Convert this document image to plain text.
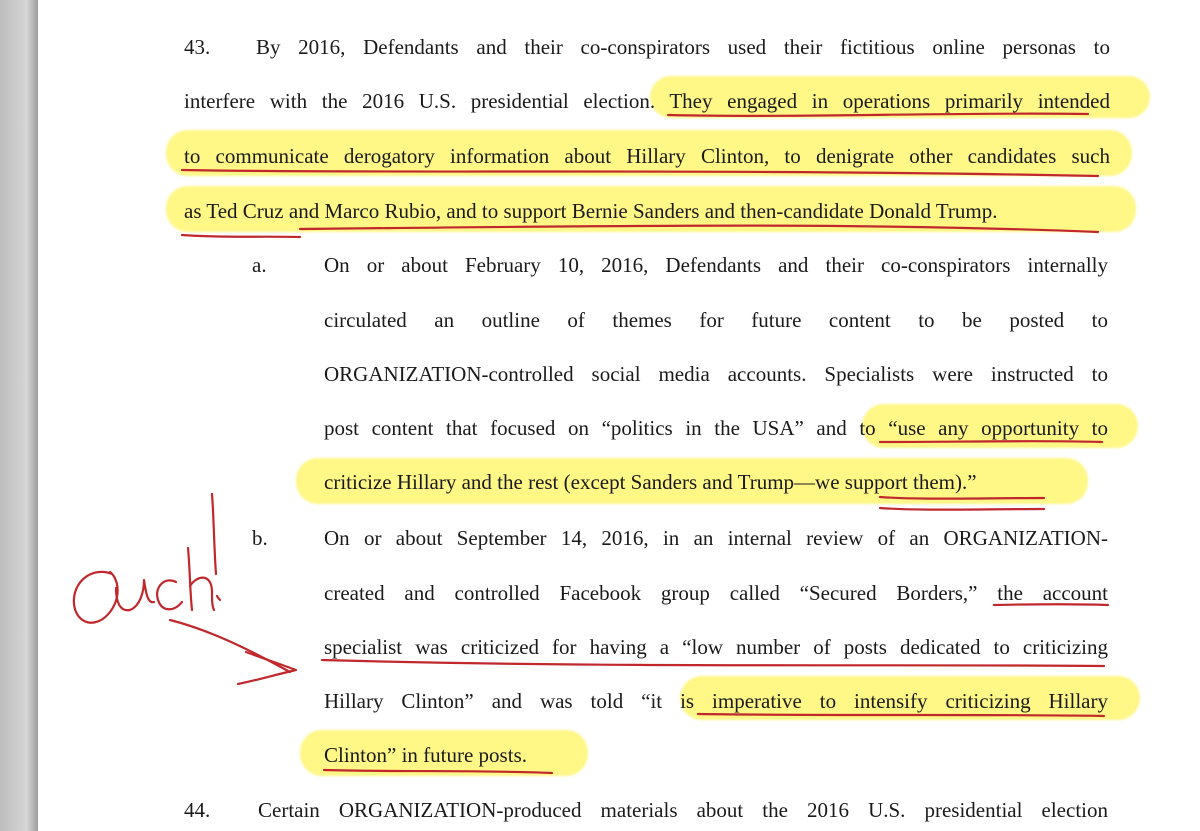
43. By 2016, Defendants and their co-conspirators used their fictitious online personas to
interfere with the 2016 U.S. presidential election. They engaged in operations primarily intended
to communicate derogatory information about Hillary Clinton, to denigrate other candidates such
as Ted Cruz and Marco Rubio, and to support Bernie Sanders and then-candidate Donald Trump.
a.	On or about February 10, 2016, Defendants and their co-conspirators internally
circulated an outline of themes for future content to be posted to
ORGANIZATION-controlled social media accounts. Specialists were instructed to
post content that focused on “politics in the USA” and to “use any opportunity to
criticize Hillary and the rest (except Sanders and Trump—we support them).”
b.	On or about September 14, 2016, in an internal review of an ORGANIZATION-
created and controlled Facebook group called “Secured Borders,” the account
specialist was criticized for having a “low number of posts dedicated to criticizing
Hillary Clinton” and was told “it is imperative to intensify criticizing Hillary
Clinton” in future posts.
44. Certain ORGANIZATION-produced materials about the 2016 U.S. presidential election
